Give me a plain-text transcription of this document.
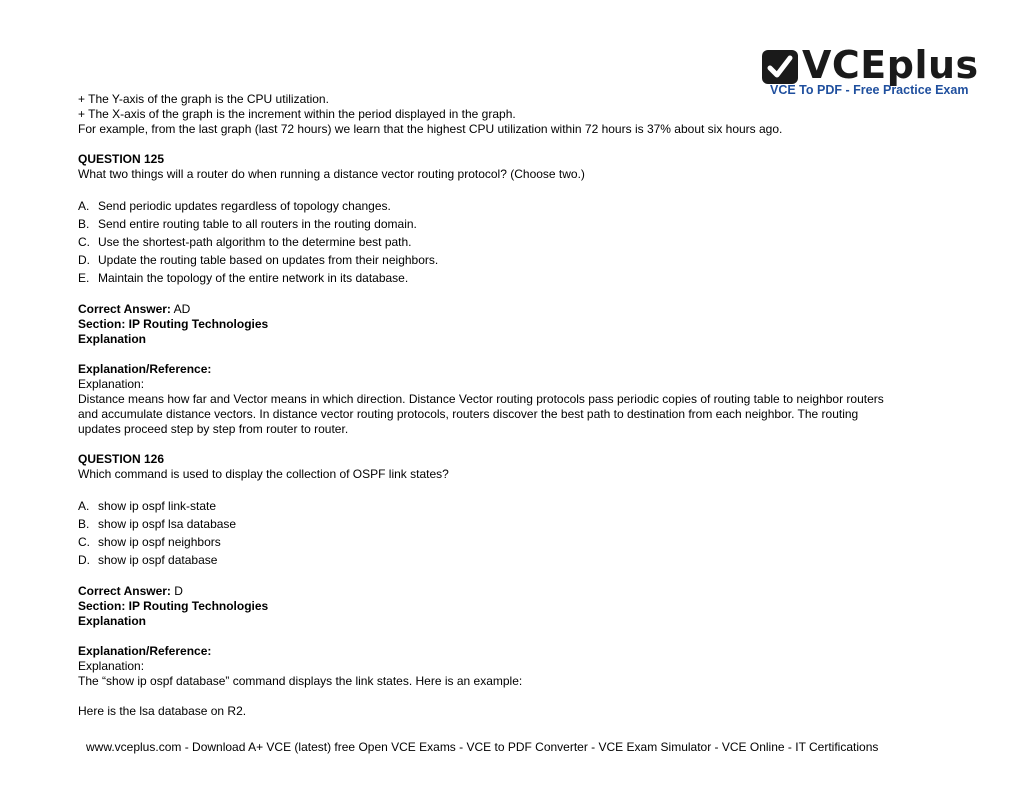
VCEplus
VCE To PDF - Free Practice Exam

+ The Y-axis of the graph is the CPU utilization.

+ The X-axis of the graph is the increment within the period displayed in the graph.

For example, from the last graph (last 72 hours) we learn that the highest CPU utilization within 72 hours is 37% about six hours ago.

QUESTION 125

What two things will a router do when running a distance vector routing protocol? (Choose two.)

A. Send periodic updates regardless of topology changes.
B. Send entire routing table to all routers in the routing domain.
C. Use the shortest-path algorithm to the determine best path.
D. Update the routing table based on updates from their neighbors.
E. Maintain the topology of the entire network in its database.

Correct Answer: AD

Section: IP Routing Technologies

Explanation

Explanation/Reference:

Explanation:

Distance means how far and Vector means in which direction. Distance Vector routing protocols pass periodic copies of routing table to neighbor routers

and accumulate distance vectors. In distance vector routing protocols, routers discover the best path to destination from each neighbor. The routing

updates proceed step by step from router to router.

QUESTION 126

Which command is used to display the collection of OSPF link states?

A. show ip ospf link-state
B. show ip ospf lsa database
C. show ip ospf neighbors
D. show ip ospf database

Correct Answer: D

Section: IP Routing Technologies

Explanation

Explanation/Reference:

Explanation:

The “show ip ospf database” command displays the link states. Here is an example:

Here is the lsa database on R2.

www.vceplus.com - Download A+ VCE (latest) free Open VCE Exams - VCE to PDF Converter - VCE Exam Simulator - VCE Online - IT Certifications
